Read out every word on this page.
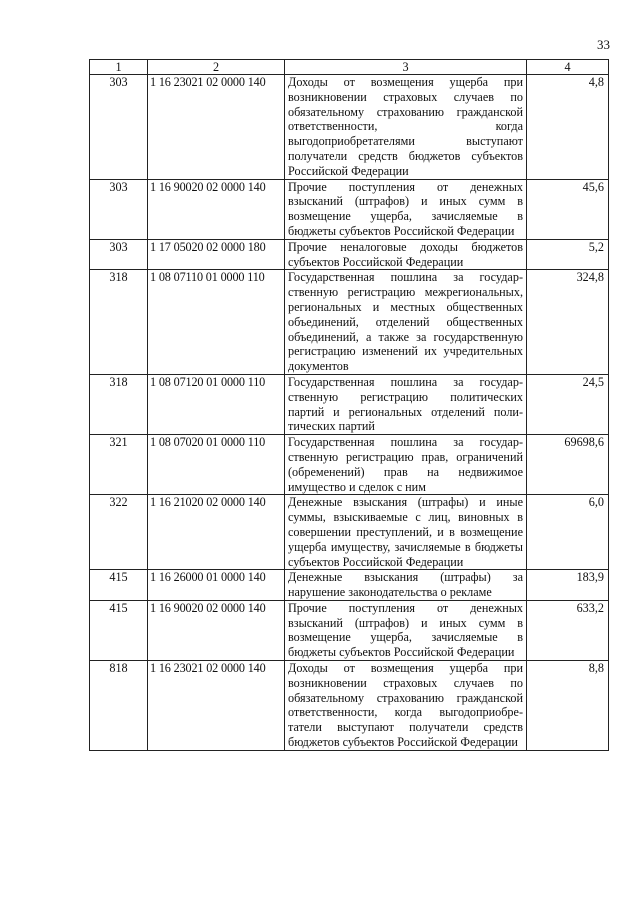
33
1	2	3	4
303	1 16 23021 02 0000 140	Доходы от возмещения ущерба при возникновении страховых случаев по обязательному страхованию гражданской ответственности, когда выгодоприобретателями выступают получатели средств бюджетов субъектов Российской Федерации	4,8
303	1 16 90020 02 0000 140	Прочие поступления от денежных взысканий (штрафов) и иных сумм в возмещение ущерба, зачисляемые в бюджеты субъектов Российской Федерации	45,6
303	1 17 05020 02 0000 180	Прочие неналоговые доходы бюджетов субъектов Российской Федерации	5,2
318	1 08 07110 01 0000 110	Государственная пошлина за государственную регистрацию межрегиональных, региональных и местных общественных объединений, отделений общественных объединений, а также за государственную регистрацию изменений их учредительных документов	324,8
318	1 08 07120 01 0000 110	Государственная пошлина за государственную регистрацию политических партий и региональных отделений политических партий	24,5
321	1 08 07020 01 0000 110	Государственная пошлина за государственную регистрацию прав, ограничений (обременений) прав на недвижимое имущество и сделок с ним	69698,6
322	1 16 21020 02 0000 140	Денежные взыскания (штрафы) и иные суммы, взыскиваемые с лиц, виновных в совершении преступлений, и в возмещение ущерба имуществу, зачисляемые в бюджеты субъектов Российской Федерации	6,0
415	1 16 26000 01 0000 140	Денежные взыскания (штрафы) за нарушение законодательства о рекламе	183,9
415	1 16 90020 02 0000 140	Прочие поступления от денежных взысканий (штрафов) и иных сумм в возмещение ущерба, зачисляемые в бюджеты субъектов Российской Федерации	633,2
818	1 16 23021 02 0000 140	Доходы от возмещения ущерба при возникновении страховых случаев по обязательному страхованию гражданской ответственности, когда выгодоприобретатели выступают получатели средств бюджетов субъектов Российской Федерации	8,8
